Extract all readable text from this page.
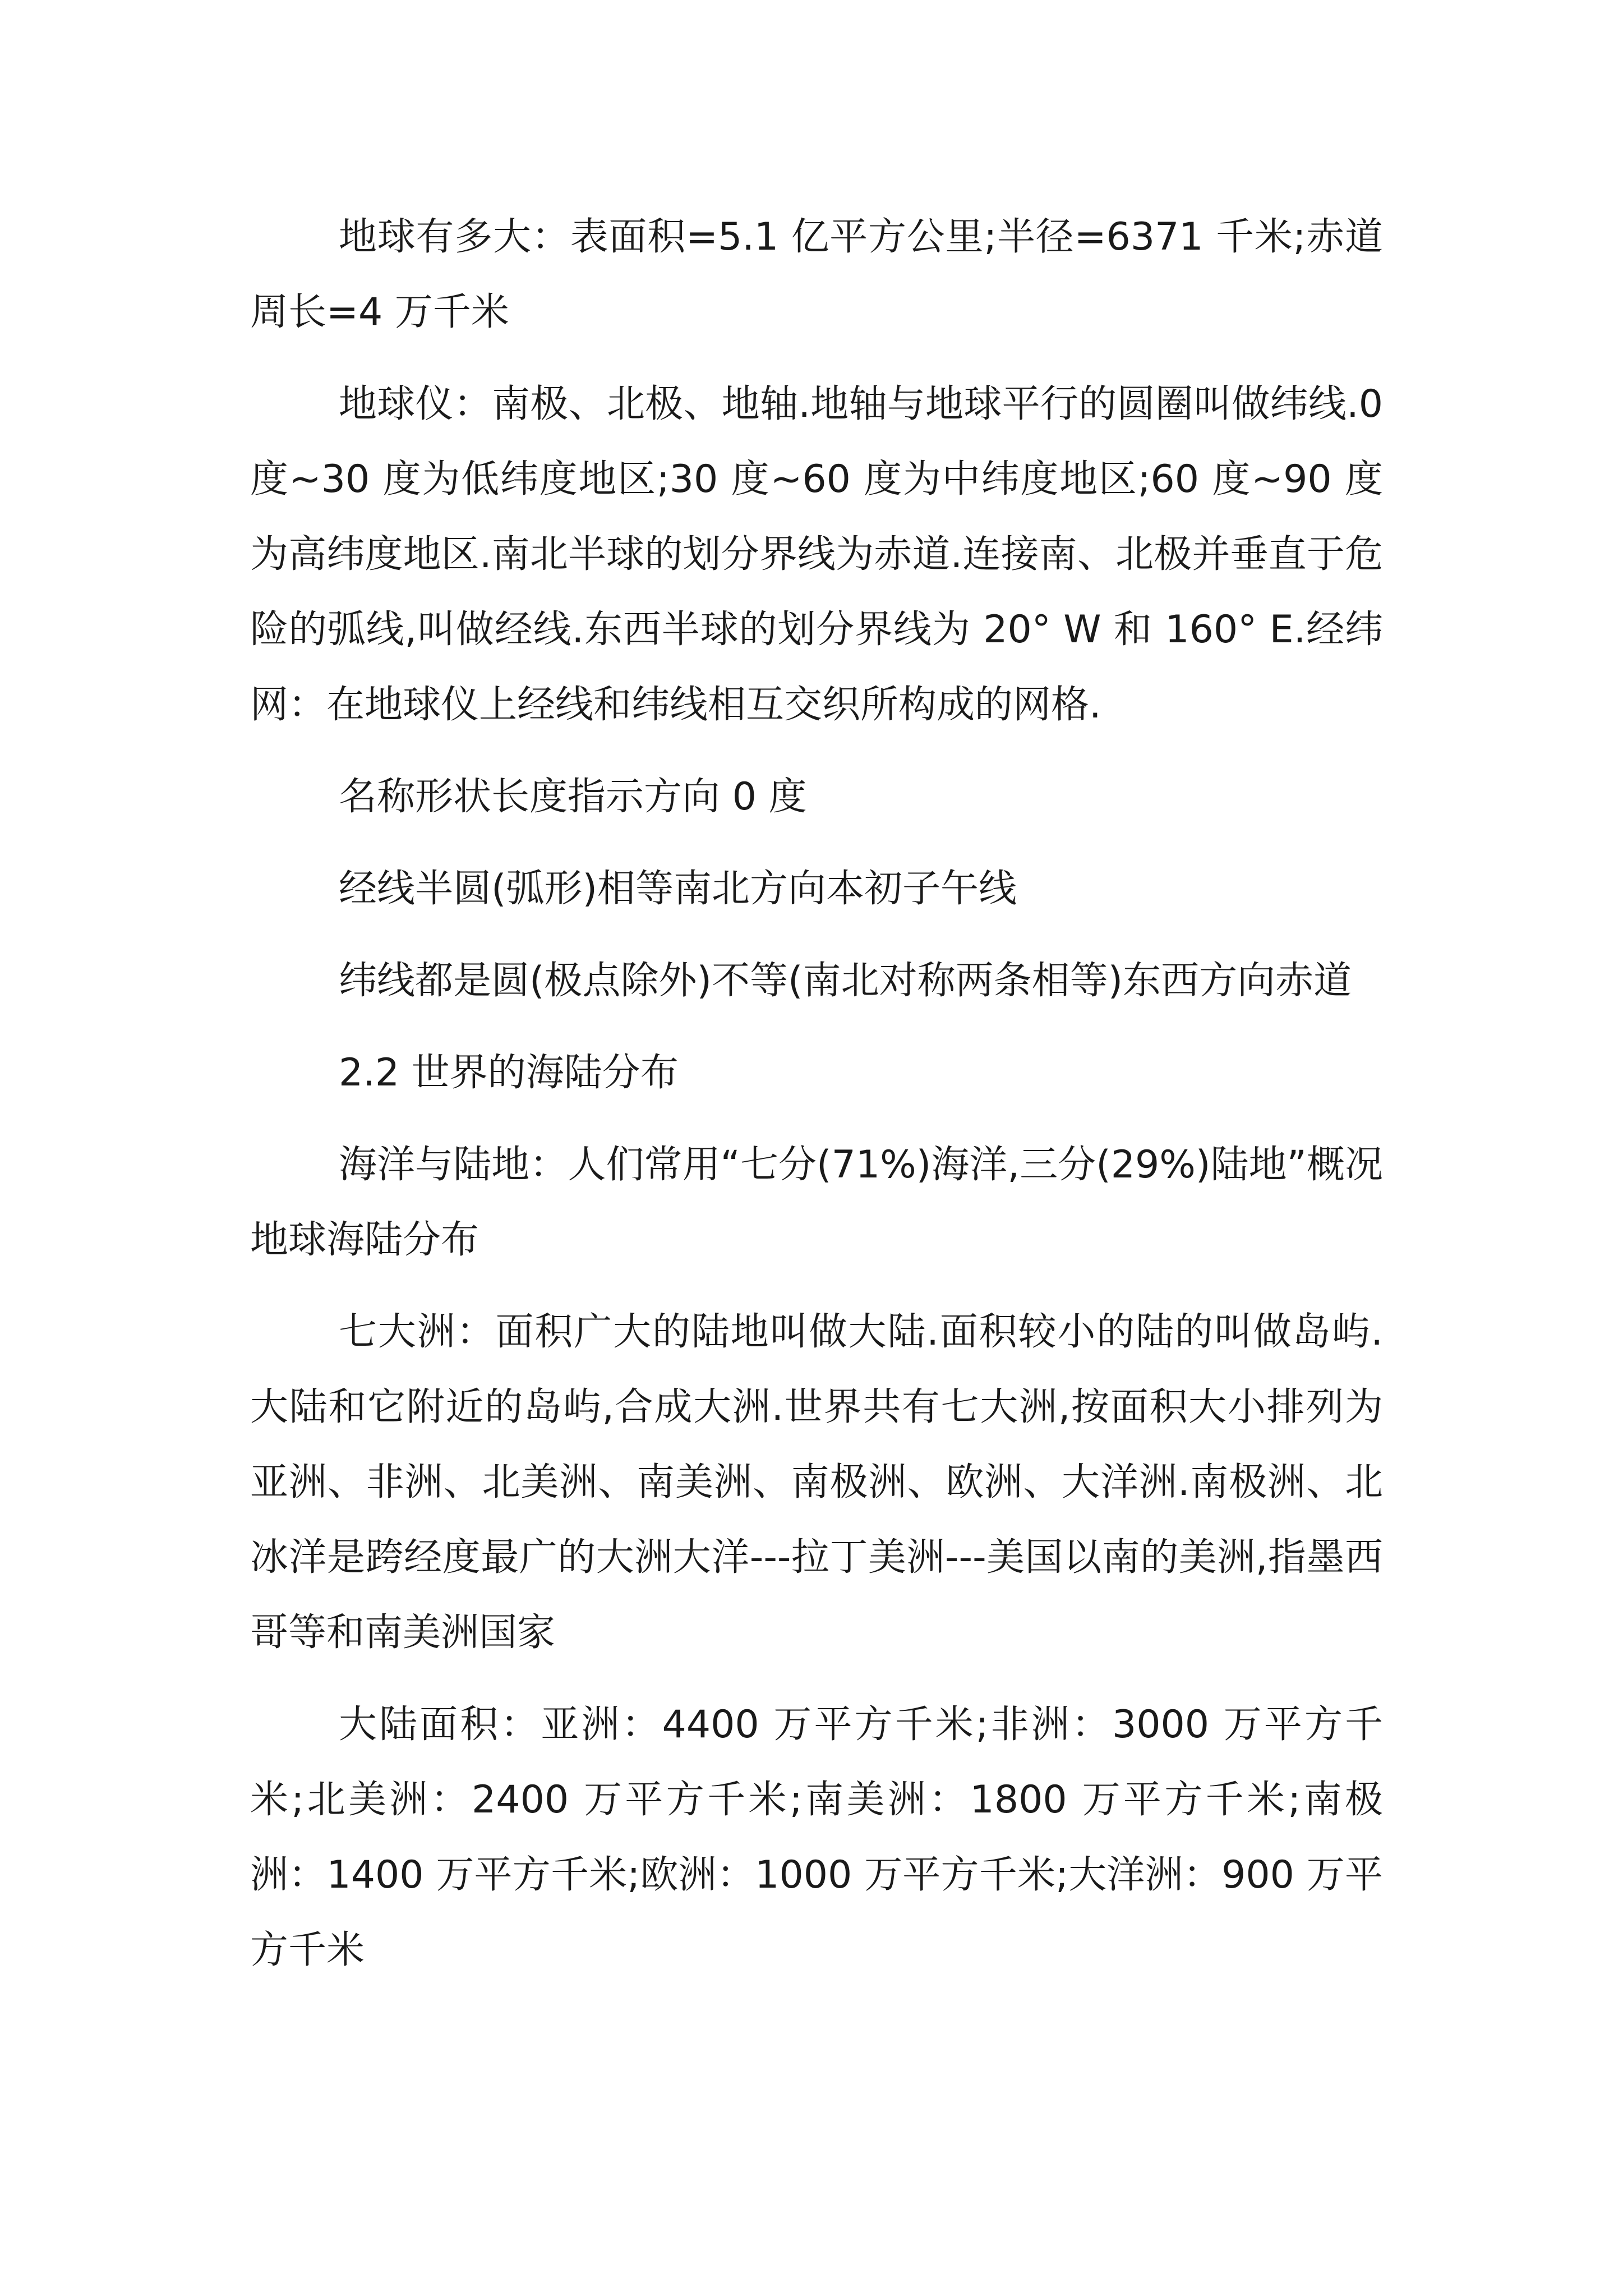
地球有多大：表面积=5.1 亿平方公里;半径=6371 千米;赤道周长=4 万千米

地球仪：南极、北极、地轴.地轴与地球平行的圆圈叫做纬线.0 度~30 度为低纬度地区;30 度~60 度为中纬度地区;60 度~90 度为高纬度地区.南北半球的划分界线为赤道.连接南、北极并垂直于危险的弧线,叫做经线.东西半球的划分界线为 20° W 和 160° E.经纬网：在地球仪上经线和纬线相互交织所构成的网格.

名称形状长度指示方向 0 度

经线半圆(弧形)相等南北方向本初子午线

纬线都是圆(极点除外)不等(南北对称两条相等)东西方向赤道

2.2 世界的海陆分布

海洋与陆地：人们常用“七分(71%)海洋,三分(29%)陆地”概况地球海陆分布

七大洲：面积广大的陆地叫做大陆.面积较小的陆的叫做岛屿.大陆和它附近的岛屿,合成大洲.世界共有七大洲,按面积大小排列为亚洲、非洲、北美洲、南美洲、南极洲、欧洲、大洋洲.南极洲、北冰洋是跨经度最广的大洲大洋---拉丁美洲---美国以南的美洲,指墨西哥等和南美洲国家

大陆面积：亚洲：4400 万平方千米;非洲：3000 万平方千米;北美洲：2400 万平方千米;南美洲：1800 万平方千米;南极洲：1400 万平方千米;欧洲：1000 万平方千米;大洋洲：900 万平方千米
